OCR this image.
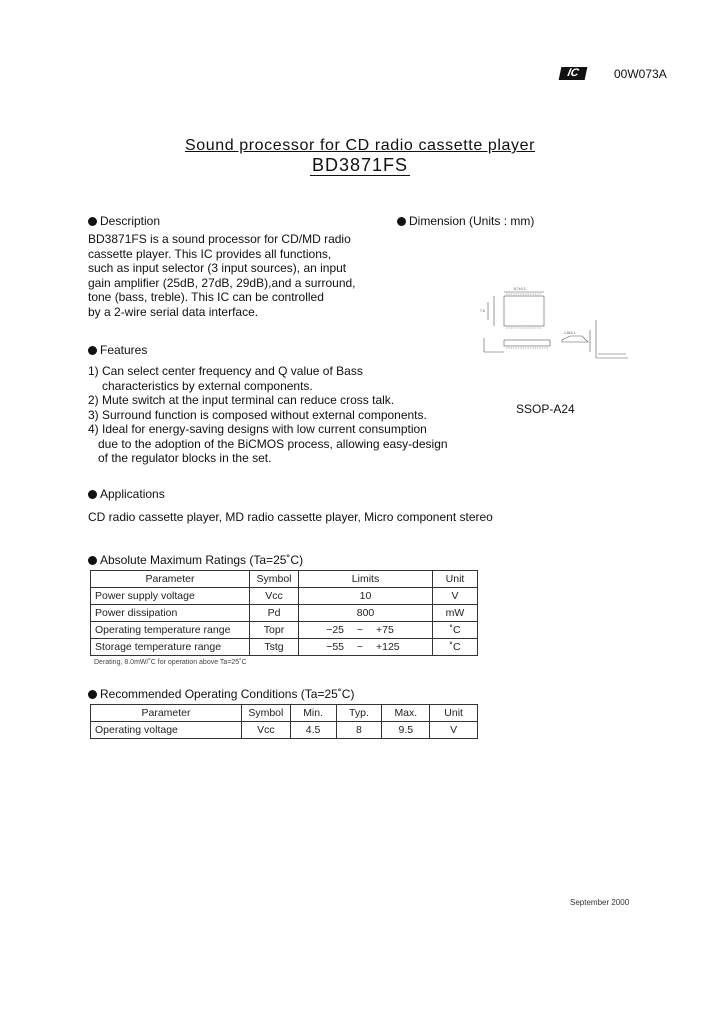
IC	00W073A
Sound processor for CD radio cassette player
BD3871FS
Description
BD3871FS is a sound processor for CD/MD radio
cassette player. This IC provides all functions,
such as input selector (3 input sources), an input
gain amplifier (25dB, 27dB, 29dB),and a surround,
tone (bass, treble). This IC can be controlled
by a 2-wire serial data interface.
Dimension (Units : mm)
8.7±0.2
7.6
1.8±0.1
SSOP-A24
Features
1) Can select center frequency and Q value of Bass
characteristics by external components.
2) Mute switch at the input terminal can reduce cross talk.
3) Surround function is composed without external components.
4) Ideal for energy-saving designs with low current consumption
due to the adoption of the BiCMOS process, allowing easy-design
of the regulator blocks in the set.
Applications
CD radio cassette player, MD radio cassette player, Micro component stereo
Absolute Maximum Ratings (Ta=25˚C)
Parameter	Symbol	Limits			Unit
Power supply voltage	Vcc	10			V
Power dissipation	Pd	800			mW
Operating temperature range	Topr	−25	~	+75	˚C
Storage temperature range	Tstg	−55	~	+125	˚C
Derating, 8.0mW/˚C for operation above Ta=25˚C
Recommended Operating Conditions (Ta=25˚C)
Parameter	Symbol	Min.	Typ.	Max.	Unit
Operating voltage	Vcc	4.5	8	9.5	V
September 2000
